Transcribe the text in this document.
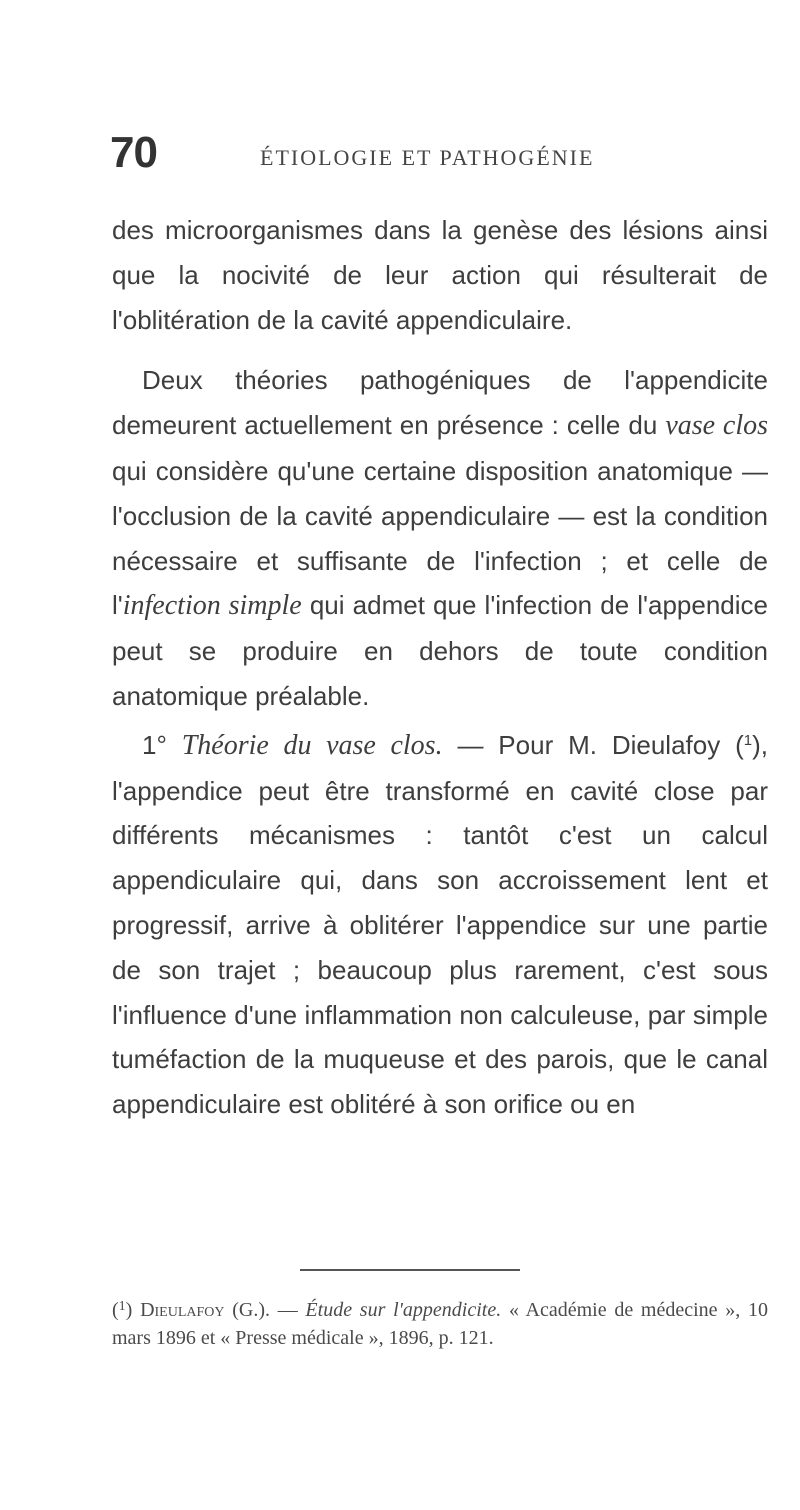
70	ÉTIOLOGIE ET PATHOGÉNIE

des microorganismes dans la genèse des lésions ainsi que la nocivité de leur action qui résulterait de l'oblitération de la cavité appendiculaire.

Deux théories pathogéniques de l'appendicite demeurent actuellement en présence : celle du vase clos qui considère qu'une certaine disposition anatomique — l'occlusion de la cavité appendiculaire — est la condition nécessaire et suffisante de l'infection ; et celle de l'infection simple qui admet que l'infection de l'appendice peut se produire en dehors de toute condition anatomique préalable.

1° Théorie du vase clos. — Pour M. Dieulafoy ($^1$), l'appendice peut être transformé en cavité close par différents mécanismes : tantôt c'est un calcul appendiculaire qui, dans son accroissement lent et progressif, arrive à oblitérer l'appendice sur une partie de son trajet ; beaucoup plus rarement, c'est sous l'influence d'une inflammation non calculeuse, par simple tuméfaction de la muqueuse et des parois, que le canal appendiculaire est oblitéré à son orifice ou en

($^1$) Dieulafoy (G.). — Étude sur l'appendicite. « Académie de médecine », 10 mars 1896 et « Presse médicale », 1896, p. 121.
